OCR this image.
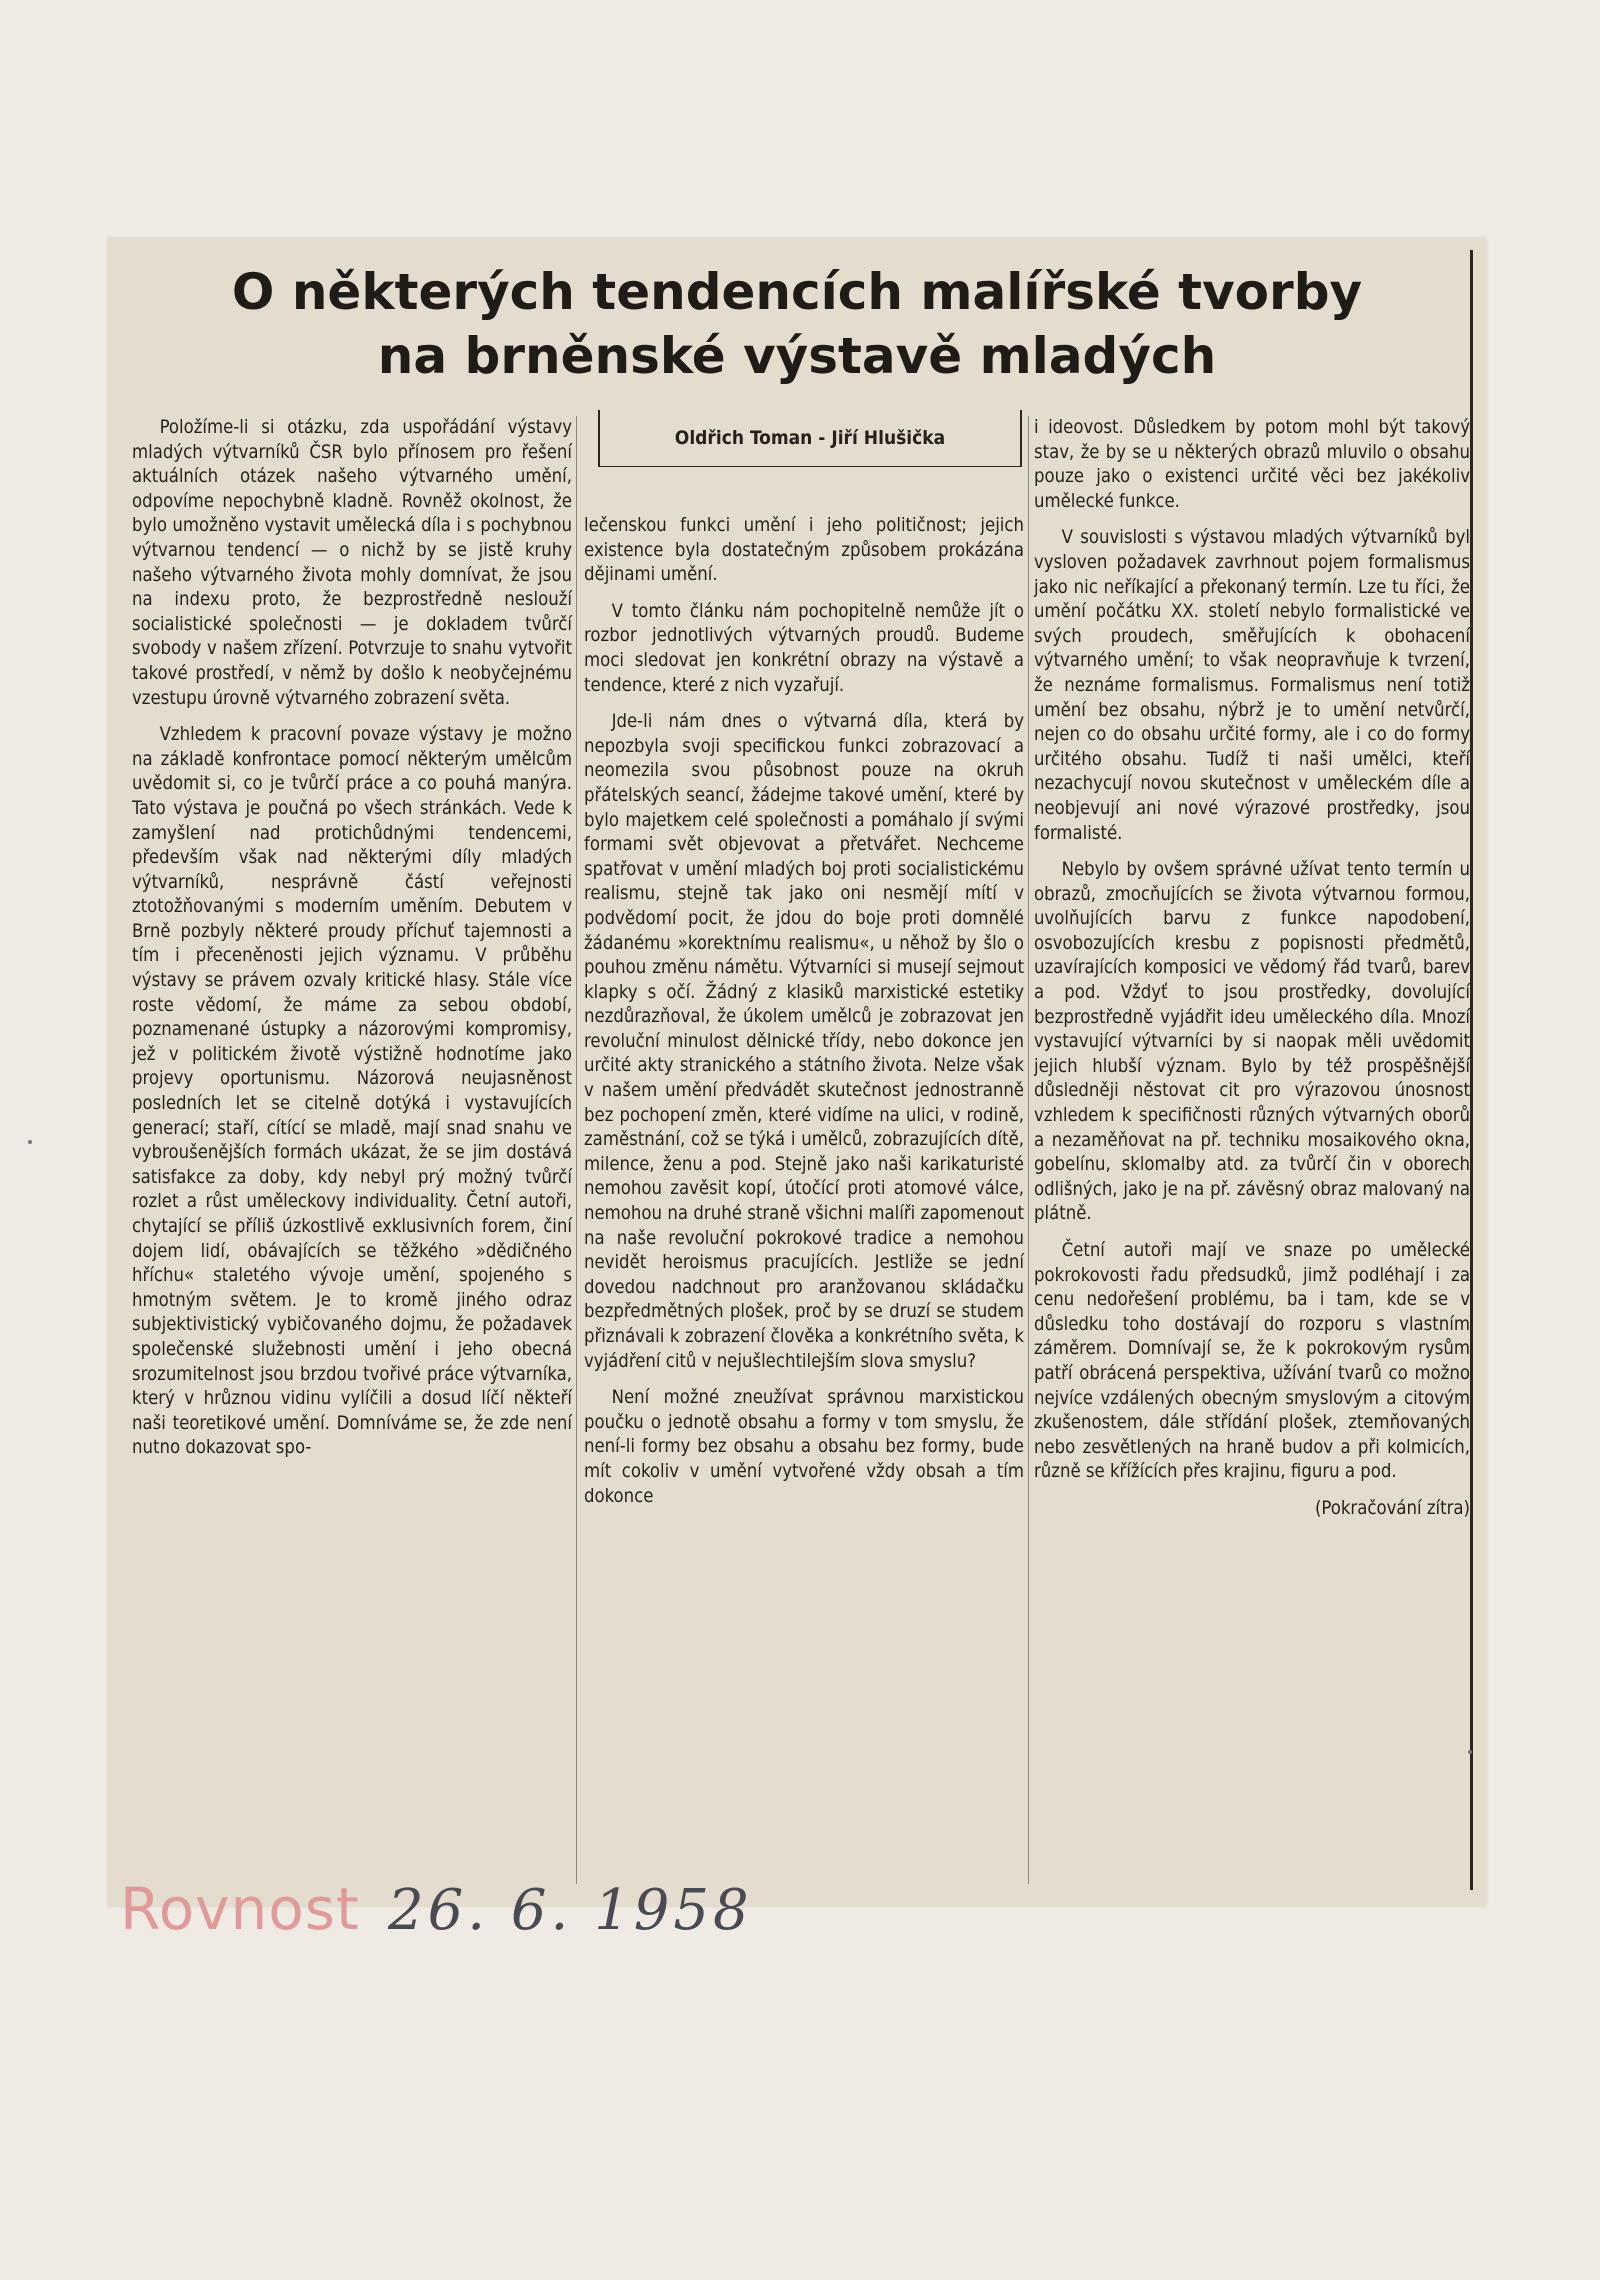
O některých tendencích malířské tvorby
na brněnské výstavě mladých

Položíme-li si otázku, zda uspořádání výstavy mladých výtvarníků ČSR bylo přínosem pro řešení aktuálních otázek našeho výtvarného umění, odpovíme nepochybně kladně. Rovněž okolnost, že bylo umožněno vystavit umělecká díla i s pochybnou výtvarnou tendencí — o nichž by se jistě kruhy našeho výtvarného života mohly domnívat, že jsou na indexu proto, že bezprostředně neslouží socialistické společnosti — je dokladem tvůrčí svobody v našem zřízení. Potvrzuje to snahu vytvořit takové prostředí, v němž by došlo k neobyčejnému vzestupu úrovně výtvarného zobrazení světa.

Vzhledem k pracovní povaze výstavy je možno na základě konfrontace pomocí některým umělcům uvědomit si, co je tvůrčí práce a co pouhá manýra. Tato výstava je poučná po všech stránkách. Vede k zamyšlení nad protichůdnými tendencemi, především však nad některými díly mladých výtvarníků, nesprávně částí veřejnosti ztotožňovanými s moderním uměním. Debutem v Brně pozbyly některé proudy příchuť tajemnosti a tím i přeceněnosti jejich významu. V průběhu výstavy se právem ozvaly kritické hlasy. Stále více roste vědomí, že máme za sebou období, poznamenané ústupky a názorovými kompromisy, jež v politickém životě výstižně hodnotíme jako projevy oportunismu. Názorová neujasněnost posledních let se citelně dotýká i vystavujících generací; staří, cítící se mladě, mají snad snahu ve vybroušenějších formách ukázat, že se jim dostává satisfakce za doby, kdy nebyl prý možný tvůrčí rozlet a růst uměleckovy individuality. Četní autoři, chytající se příliš úzkostlivě exklusivních forem, činí dojem lidí, obávajících se těžkého »dědičného hříchu« staletého vývoje umění, spojeného s hmotným světem. Je to kromě jiného odraz subjektivistický vybičovaného dojmu, že požadavek společenské služebnosti umění i jeho obecná srozumitelnost jsou brzdou tvořivé práce výtvarníka, který v hrůznou vidinu vylíčili a dosud líčí někteří naši teoretikové umění. Domníváme se, že zde není nutno dokazovat spo-

Oldřich Toman - Jiří Hlušička

lečenskou funkci umění i jeho političnost; jejich existence byla dostatečným způsobem prokázána dějinami umění.

V tomto článku nám pochopitelně nemůže jít o rozbor jednotlivých výtvarných proudů. Budeme moci sledovat jen konkrétní obrazy na výstavě a tendence, které z nich vyzařují.

Jde-li nám dnes o výtvarná díla, která by nepozbyla svoji specifickou funkci zobrazovací a neomezila svou působnost pouze na okruh přátelských seancí, žádejme takové umění, které by bylo majetkem celé společnosti a pomáhalo jí svými formami svět objevovat a přetvářet. Nechceme spatřovat v umění mladých boj proti socialistickému realismu, stejně tak jako oni nesmějí mítí v podvědomí pocit, že jdou do boje proti domnělé žádanému »korektnímu realismu«, u něhož by šlo o pouhou změnu námětu. Výtvarníci si musejí sejmout klapky s očí. Žádný z klasiků marxistické estetiky nezdůrazňoval, že úkolem umělců je zobrazovat jen revoluční minulost dělnické třídy, nebo dokonce jen určité akty stranického a státního života. Nelze však v našem umění předvádět skutečnost jednostranně bez pochopení změn, které vidíme na ulici, v rodině, zaměstnání, což se týká i umělců, zobrazujících dítě, milence, ženu a pod. Stejně jako naši karikaturisté nemohou zavěsit kopí, útočící proti atomové válce, nemohou na druhé straně všichni malíři zapomenout na naše revoluční pokrokové tradice a nemohou nevidět heroismus pracujících. Jestliže se jední dovedou nadchnout pro aranžovanou skládačku bezpředmětných plošek, proč by se druzí se studem přiznávali k zobrazení člověka a konkrétního světa, k vyjádření citů v nejušlechtilejším slova smyslu?

Není možné zneužívat správnou marxistickou poučku o jednotě obsahu a formy v tom smyslu, že není-li formy bez obsahu a obsahu bez formy, bude mít cokoliv v umění vytvořené vždy obsah a tím dokonce

i ideovost. Důsledkem by potom mohl být takový stav, že by se u některých obrazů mluvilo o obsahu pouze jako o existenci určité věci bez jakékoliv umělecké funkce.

V souvislosti s výstavou mladých výtvarníků byl vysloven požadavek zavrhnout pojem formalismus jako nic neříkající a překonaný termín. Lze tu říci, že umění počátku XX. století nebylo formalistické ve svých proudech, směřujících k obohacení výtvarného umění; to však neopravňuje k tvrzení, že neznáme formalismus. Formalismus není totiž umění bez obsahu, nýbrž je to umění netvůrčí, nejen co do obsahu určité formy, ale i co do formy určitého obsahu. Tudíž ti naši umělci, kteří nezachycují novou skutečnost v uměleckém díle a neobjevují ani nové výrazové prostředky, jsou formalisté.

Nebylo by ovšem správné užívat tento termín u obrazů, zmocňujících se života výtvarnou formou, uvolňujících barvu z funkce napodobení, osvobozujících kresbu z popisnosti předmětů, uzavírajících komposici ve vědomý řád tvarů, barev a pod. Vždyť to jsou prostředky, dovolující bezprostředně vyjádřit ideu uměleckého díla. Mnozí vystavující výtvarníci by si naopak měli uvědomit jejich hlubší význam. Bylo by též prospěšnější důsledněji něstovat cit pro výrazovou únosnost vzhledem k specifičnosti různých výtvarných oborů a nezaměňovat na př. techniku mosaikového okna, gobelínu, sklomalby atd. za tvůrčí čin v oborech odlišných, jako je na př. závěsný obraz malovaný na plátně.

Četní autoři mají ve snaze po umělecké pokrokovosti řadu předsudků, jimž podléhají i za cenu nedořešení problému, ba i tam, kde se v důsledku toho dostávají do rozporu s vlastním záměrem. Domnívají se, že k pokrokovým rysům patří obrácená perspektiva, užívání tvarů co možno nejvíce vzdálených obecným smyslovým a citovým zkušenostem, dále střídání plošek, ztemňovaných nebo zesvětlených na hraně budov a při kolmicích, různě se křížících přes krajinu, figuru a pod.

(Pokračování zítra)

Rovnost 26. 6. 1958
